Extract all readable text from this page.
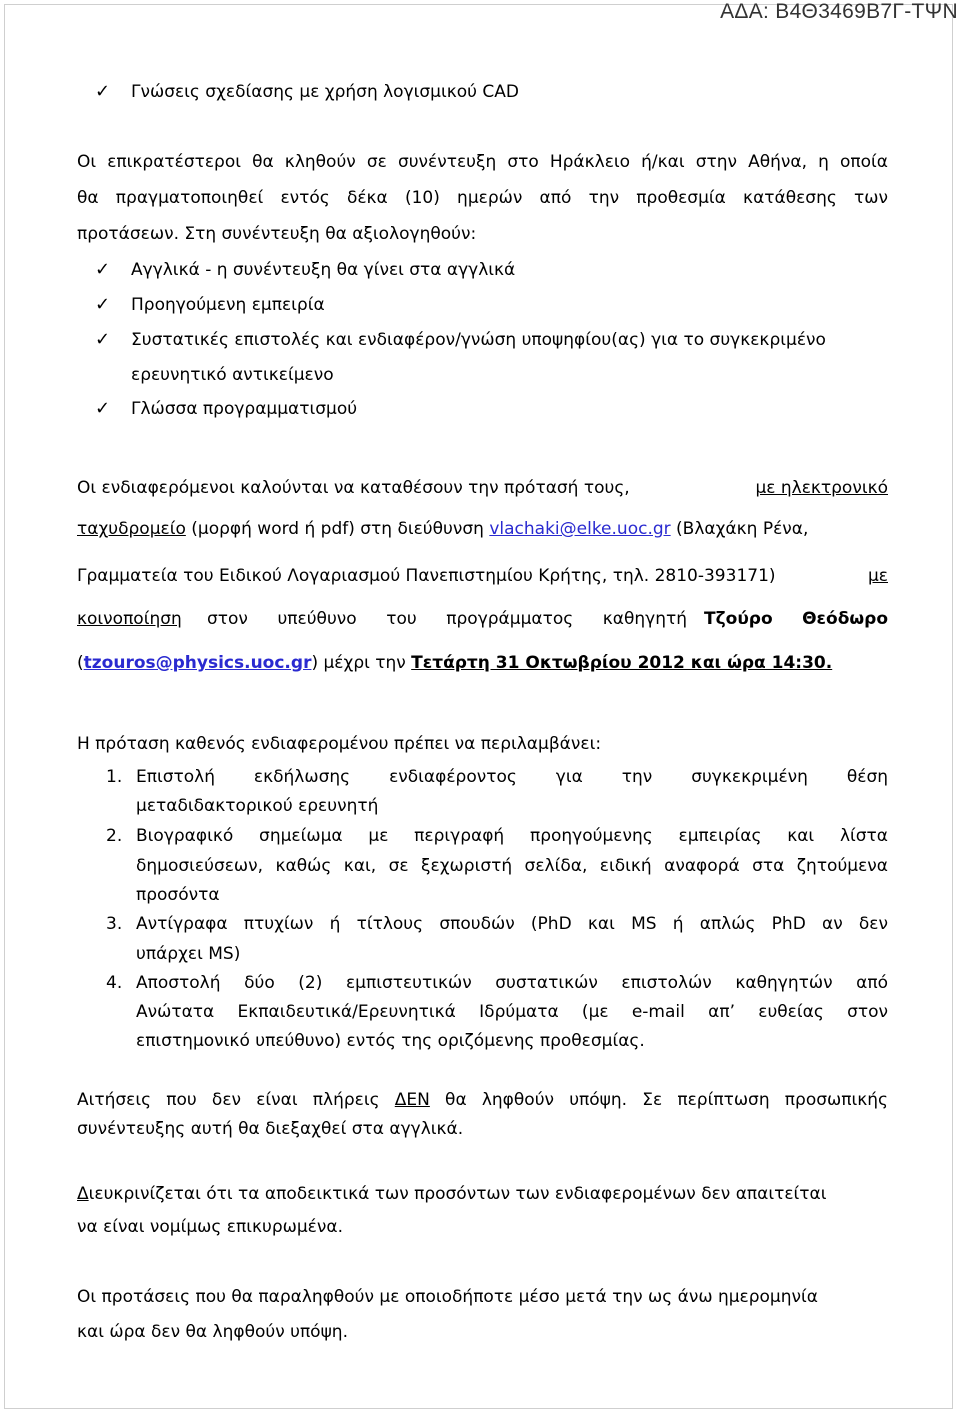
ΑΔΑ: Β4Θ3469Β7Γ-ΤΨΝ
✓ Γνώσεις σχεδίασης με χρήση λογισμικού CAD
Οι επικρατέστεροι θα κληθούν σε συνέντευξη στο Ηράκλειο ή/και στην Αθήνα, η οποία
θα πραγματοποιηθεί εντός δέκα (10) ημερών από την προθεσμία κατάθεσης των
προτάσεων. Στη συνέντευξη θα αξιολογηθούν:
✓ Αγγλικά - η συνέντευξη θα γίνει στα αγγλικά
✓ Προηγούμενη εμπειρία
✓ Συστατικές επιστολές και ενδιαφέρον/γνώση υποψηφίου(ας) για το συγκεκριμένο
ερευνητικό αντικείμενο
✓ Γλώσσα προγραμματισμού
Οι ενδιαφερόμενοι καλούνται να καταθέσουν την πρότασή τους,	με ηλεκτρονικό
ταχυδρομείο (μορφή word ή pdf) στη διεύθυνση vlachaki@elke.uoc.gr (Βλαχάκη Ρένα,
Γραμματεία του Ειδικού Λογαριασμού Πανεπιστημίου Κρήτης, τηλ. 2810-393171)	με
κοινοποίηση στον υπεύθυνο του προγράμματος καθηγητή Τζούρο Θεόδωρο
(tzouros@physics.uoc.gr) μέχρι την Τετάρτη 31 Οκτωβρίου 2012 και ώρα 14:30.
Η πρόταση καθενός ενδιαφερομένου πρέπει να περιλαμβάνει:
1. Επιστολή εκδήλωσης ενδιαφέροντος για την συγκεκριμένη θέση
μεταδιδακτορικού ερευνητή
2. Βιογραφικό σημείωμα με περιγραφή προηγούμενης εμπειρίας και λίστα
δημοσιεύσεων, καθώς και, σε ξεχωριστή σελίδα, ειδική αναφορά στα ζητούμενα
προσόντα
3. Αντίγραφα πτυχίων ή τίτλους σπουδών (PhD και MS ή απλώς PhD αν δεν
υπάρχει MS)
4. Αποστολή δύο (2) εμπιστευτικών συστατικών επιστολών καθηγητών από
Ανώτατα Εκπαιδευτικά/Ερευνητικά Ιδρύματα (με e-mail απ’ ευθείας στον
επιστημονικό υπεύθυνο) εντός της οριζόμενης προθεσμίας.
Αιτήσεις που δεν είναι πλήρεις ΔΕΝ θα ληφθούν υπόψη. Σε περίπτωση προσωπικής
συνέντευξης αυτή θα διεξαχθεί στα αγγλικά.
Διευκρινίζεται ότι τα αποδεικτικά των προσόντων των ενδιαφερομένων δεν απαιτείται
να είναι νομίμως επικυρωμένα.
Οι προτάσεις που θα παραληφθούν με οποιοδήποτε μέσο μετά την ως άνω ημερομηνία
και ώρα δεν θα ληφθούν υπόψη.
